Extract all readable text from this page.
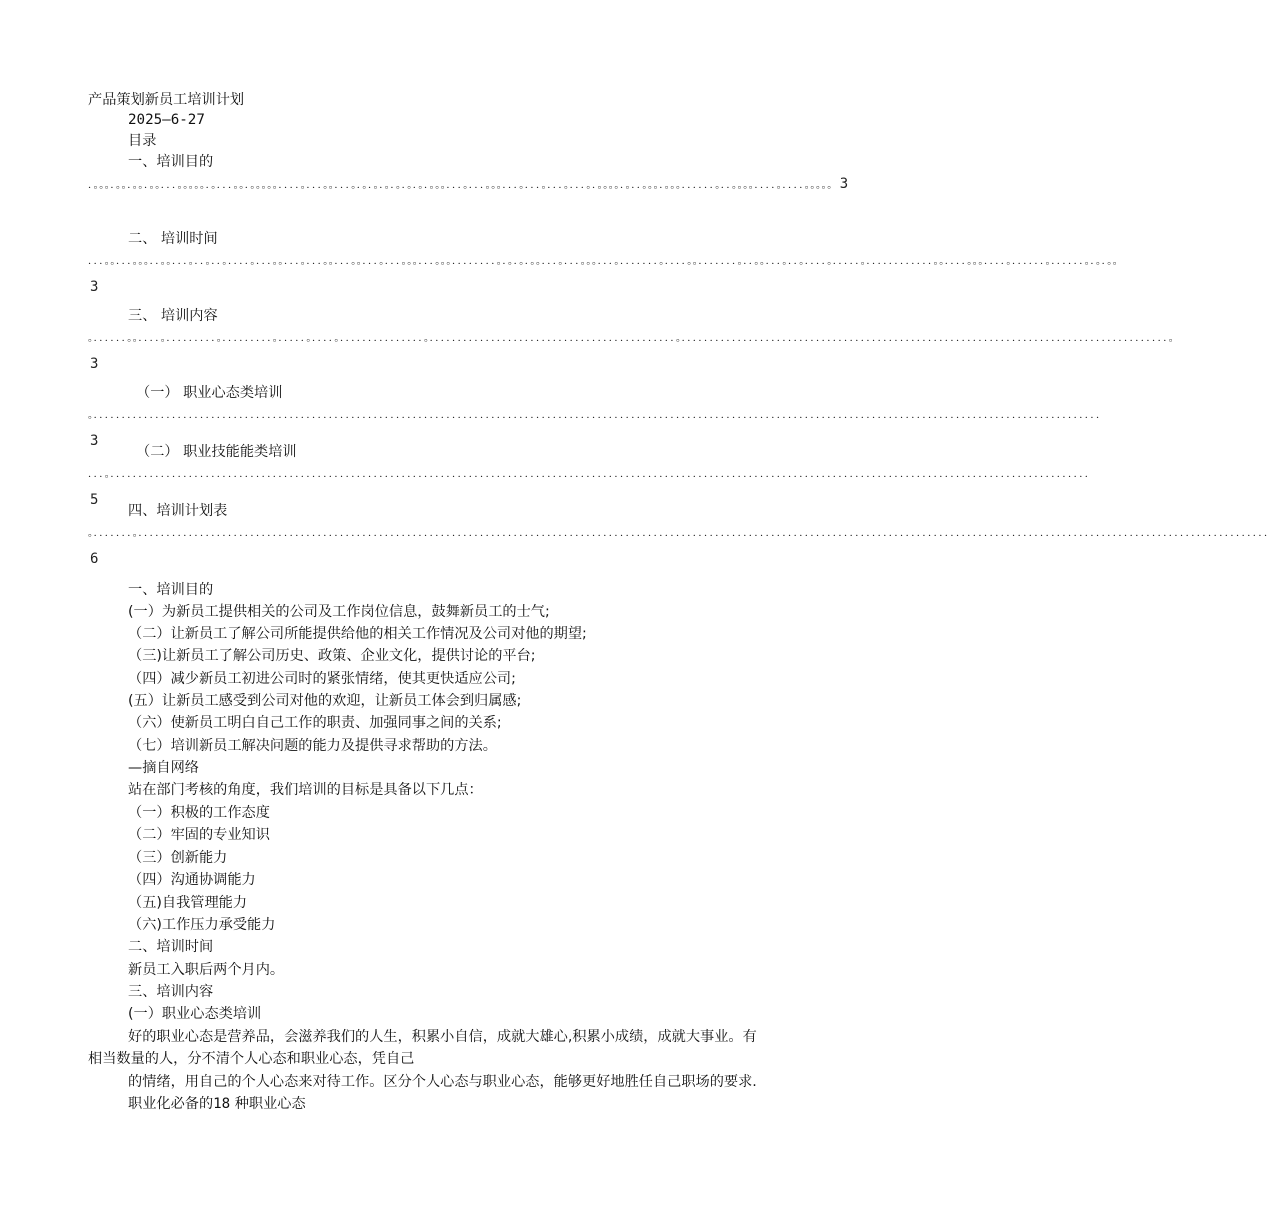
产品策划新员工培训计划
2025—6-27
目录
一、培训目的
．。。。．。。．。。．。。．．．。。。。。．。．．．。。．。。。。。．．．．。．．．。。．．．。．。．。．。．。．。．。．。。。．．．。．．．。。。．．．。．．．。．．．。．．．。．。。。。．。．．。。。．。。。．．．．．．。．．。。。。．．．．。．．．．。。。。。 3
二、 培训时间
．．．。。．．．。。。．．。。．．．。．．。．．。．．．．。．．．。。．．．。．．．。。．．．。。．．．。．．．。。。．．．。。。．．．．．．．．。．。．。．。。．．．。．．．。。。．．．。．．．．．．．。．．．．。。．．．．．．．。．．。。．．．。．．。．．．．。．．．．．。．．．．．．．．．．．．。。．．．．。。。．．．．。．．．．．．。．．．．．．。．。．。。3
三、 培训内容
。．．．．．．。。．．．．。．．．．．．．．．。．．．．．．．．．。．．．．．。．．．．。．．．．．．．．．．．．．．．。．．．．．．．．．．．．．．．．．．．．．．．．．．．．．．．．．．．．．．．．．．．．。．．．．．．．．．．．．．．．．．．．．．．．．．．．．．．．．．．．．．．．．．．．．．．．．．．．．．．．．．．．．．．．．．．．．．．．．．．．．．．．．．．．．．．．。3
（一） 职业心态类培训
。．．．．．．．．．．．．．．．．．．．．．．．．．．．．．．．．．．．．．．．．．．．．．．．．．．．．．．．．．．．．．．．．．．．．．．．．．．．．．．．．．．．．．．．．．．．．．．．．．．．．．．．．．．．．．．．．．．．．．．．．．．．．．．．．．．．．．．．．．．．．．．．．．．．．．．．．．．．．．．．．．．．．．．．．．．．．．．．．．．．．3
（二） 职业技能能类培训
．．．。．．．．．．．．．．．．．．．．．．．．．．．．．．．．．．．．．．．．．．．．．．．．．．．．．．．．．．．．．．．．．．．．．．．．．．．．．．．．．．．．．．．．．．．．．．．．．．．．．．．．．．．．．．．．．．．．．．．．．．．．．．．．．．．．．．．．．．．．．．．．．．．．．．．．．．．．．．．．．．．．．．．．．．．．．．．．．．．5
四、培训计划表
。．．．．．．．。．．．．．．．．．．．．．．．．．．．．．．．．．．．．．．．．．．．．．．．．．．．．．．．．．．．．．．．．．．．．．．．．．．．．．．．．．．．．．．．．．．．．．．．．．．．．．．．．．．．．．．．．．．．．．．．．．．．．．．．．．．．．．．．．．．．．．．．．．．．．．．．．．．．．．．．．．．．．．．．．．．．．．．．．．．．．．．．．．．．．．．．．．．．．．．．．．．．．．．．．．．6
一、培训目的
(一）为新员工提供相关的公司及工作岗位信息，鼓舞新员工的士气;
（二）让新员工了解公司所能提供给他的相关工作情况及公司对他的期望;
（三)让新员工了解公司历史、政策、企业文化，提供讨论的平台;
（四）减少新员工初进公司时的紧张情绪，使其更快适应公司;
(五）让新员工感受到公司对他的欢迎，让新员工体会到归属感;
（六）使新员工明白自己工作的职责、加强同事之间的关系;
（七）培训新员工解决问题的能力及提供寻求帮助的方法。
—摘自网络
站在部门考核的角度，我们培训的目标是具备以下几点：
（一）积极的工作态度
（二）牢固的专业知识
（三）创新能力
（四）沟通协调能力
（五)自我管理能力
（六)工作压力承受能力
二、培训时间
新员工入职后两个月内。
三、培训内容
(一）职业心态类培训
好的职业心态是营养品，会滋养我们的人生，积累小自信，成就大雄心,积累小成绩，成就大事业。有
相当数量的人，分不清个人心态和职业心态，凭自己
的情绪，用自己的个人心态来对待工作。区分个人心态与职业心态，能够更好地胜任自己职场的要求.
职业化必备的18 种职业心态
